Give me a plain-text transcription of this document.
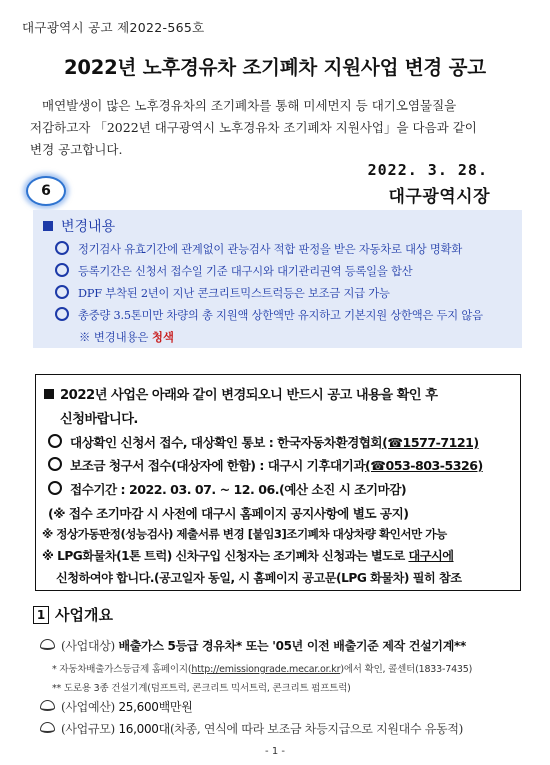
대구광역시 공고 제2022-565호
2022년 노후경유차 조기폐차 지원사업 변경 공고
매연발생이 많은 노후경유차의 조기폐차를 통해 미세먼지 등 대기오염물질을
저감하고자 「2022년 대구광역시 노후경유차 조기폐차 지원사업」을 다음과 같이
변경 공고합니다.
2022. 3. 28.
대구광역시장
6
변경내용
정기검사 유효기간에 관계없이 관능검사 적합 판정을 받은 자동차로 대상 명확화
등록기간은 신청서 접수일 기준 대구시와 대기관리권역 등록일을 합산
DPF 부착된 2년이 지난 콘크리트믹스트럭등은 보조금 지급 가능
총중량 3.5톤미만 차량의 총 지원액 상한액만 유지하고 기본지원 상한액은 두지 않음
※ 변경내용은 청색
2022년 사업은 아래와 같이 변경되오니 반드시 공고 내용을 확인 후
신청바랍니다.
대상확인 신청서 접수, 대상확인 통보 : 한국자동차환경협회(☎1577-7121)
보조금 청구서 접수(대상자에 한함) : 대구시 기후대기과(☎053-803-5326)
접수기간 : 2022. 03. 07. ~ 12. 06.(예산 소진 시 조기마감)
(※ 접수 조기마감 시 사전에 대구시 홈페이지 공지사항에 별도 공지)
※ 정상가동판정(성능검사) 제출서류 변경 [붙임3]조기폐차 대상차량 확인서만 가능
※ LPG화물차(1톤 트럭) 신차구입 신청자는 조기폐차 신청과는 별도로 대구시에
신청하여야 합니다.(공고일자 동일, 시 홈페이지 공고문(LPG 화물차) 필히 참조
1 사업개요
(사업대상) 배출가스 5등급 경유차* 또는 '05년 이전 배출기준 제작 건설기계**
* 자동차배출가스등급제 홈페이지(http://emissiongrade.mecar.or.kr)에서 확인, 콜센터(1833-7435)
** 도로용 3종 건설기계(덤프트럭, 콘크리트 믹서트럭, 콘크리트 펌프트럭)
(사업예산) 25,600백만원
(사업규모) 16,000대(차종, 연식에 따라 보조금 차등지급으로 지원대수 유동적)
- 1 -
